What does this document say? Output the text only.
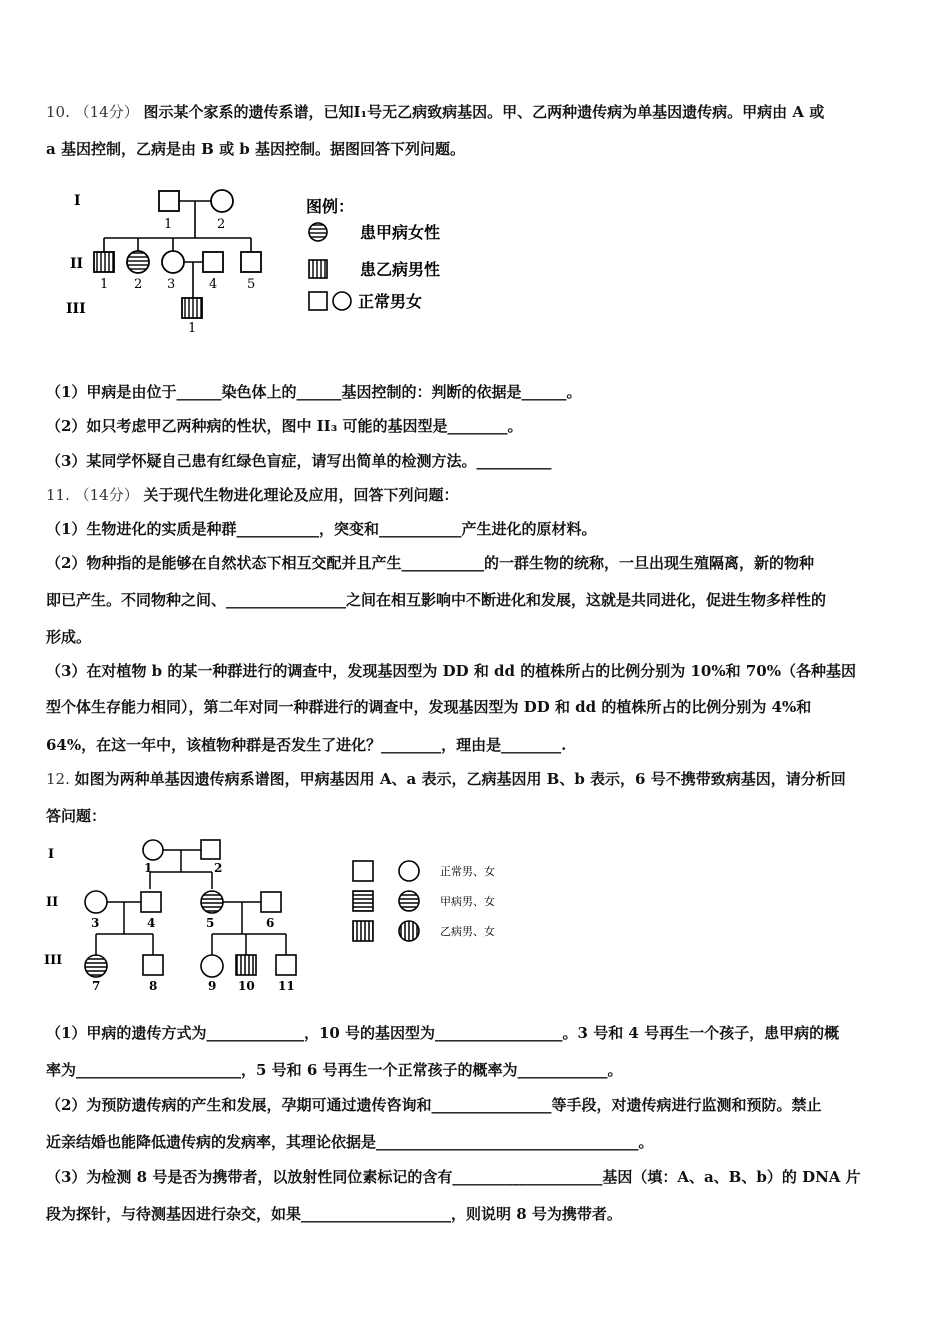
10. （14分） 图示某个家系的遗传系谱，已知Ⅰ₁号无乙病致病基因。甲、乙两种遗传病为单基因遗传病。甲病由 A 或
a 基因控制，乙病是由 B 或 b 基因控制。据图回答下列问题。
I
II
III
1	2
1 2 3	4 5
1
图例：
患甲病女性
患乙病男性
正常男女
（1）甲病是由位于______染色体上的______基因控制的：判断的依据是______。
（2）如只考虑甲乙两种病的性状，图中 II₃ 可能的基因型是________。
（3）某同学怀疑自己患有红绿色盲症，请写出简单的检测方法。__________
11. （14分） 关于现代生物进化理论及应用，回答下列问题：
（1）生物进化的实质是种群___________，突变和___________产生进化的原材料。
（2）物种指的是能够在自然状态下相互交配并且产生___________的一群生物的统称，一旦出现生殖隔离，新的物种
即已产生。不同物种之间、________________之间在相互影响中不断进化和发展，这就是共同进化，促进生物多样性的
形成。
（3）在对植物 b 的某一种群进行的调查中，发现基因型为 DD 和 dd 的植株所占的比例分别为 10%和 70%（各种基因
型个体生存能力相同），第二年对同一种群进行的调查中，发现基因型为 DD 和 dd 的植株所占的比例分别为 4%和
64%，在这一年中，该植物种群是否发生了进化？________，理由是________.
12. 如图为两种单基因遗传病系谱图，甲病基因用 A、a 表示，乙病基因用 B、b 表示，6 号不携带致病基因，请分析回
答问题：
I
II
III
1	2
3	4	5	6
7	8	9 10 11
正常男、女
甲病男、女
乙病男、女
（1）甲病的遗传方式为_____________，10 号的基因型为_________________。3 号和 4 号再生一个孩子，患甲病的概
率为______________________，5 号和 6 号再生一个正常孩子的概率为____________。
（2）为预防遗传病的产生和发展，孕期可通过遗传咨询和________________等手段，对遗传病进行监测和预防。禁止
近亲结婚也能降低遗传病的发病率，其理论依据是___________________________________。
（3）为检测 8 号是否为携带者，以放射性同位素标记的含有____________________基因（填：A、a、B、b）的 DNA 片
段为探针，与待测基因进行杂交，如果____________________，则说明 8 号为携带者。
